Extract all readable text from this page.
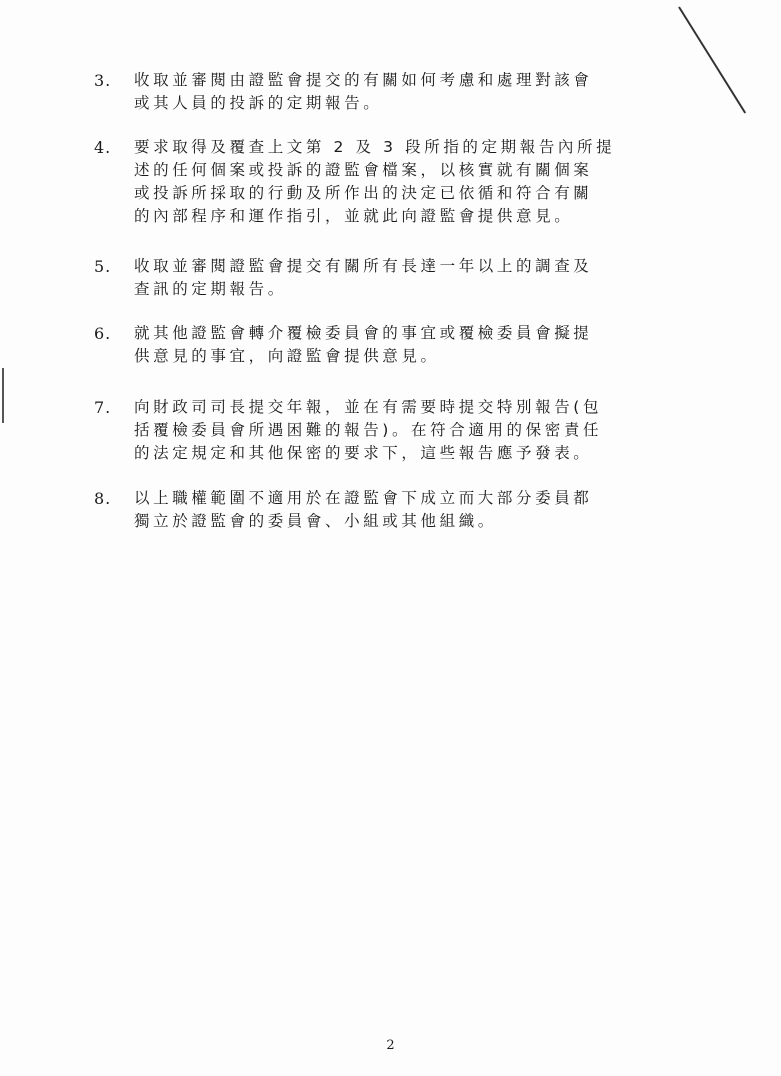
3. 收取並審閱由證監會提交的有關如何考慮和處理對該會
或其人員的投訴的定期報告。
4. 要求取得及覆查上文第 2 及 3 段所指的定期報告內所提
述的任何個案或投訴的證監會檔案，以核實就有關個案
或投訴所採取的行動及所作出的決定已依循和符合有關
的內部程序和運作指引，並就此向證監會提供意見。
5. 收取並審閱證監會提交有關所有長達一年以上的調查及
查訊的定期報告。
6. 就其他證監會轉介覆檢委員會的事宜或覆檢委員會擬提
供意見的事宜，向證監會提供意見。
7. 向財政司司長提交年報，並在有需要時提交特別報告(包
括覆檢委員會所遇困難的報告)。在符合適用的保密責任
的法定規定和其他保密的要求下，這些報告應予發表。
8. 以上職權範圍不適用於在證監會下成立而大部分委員都
獨立於證監會的委員會、小組或其他組織。
2
